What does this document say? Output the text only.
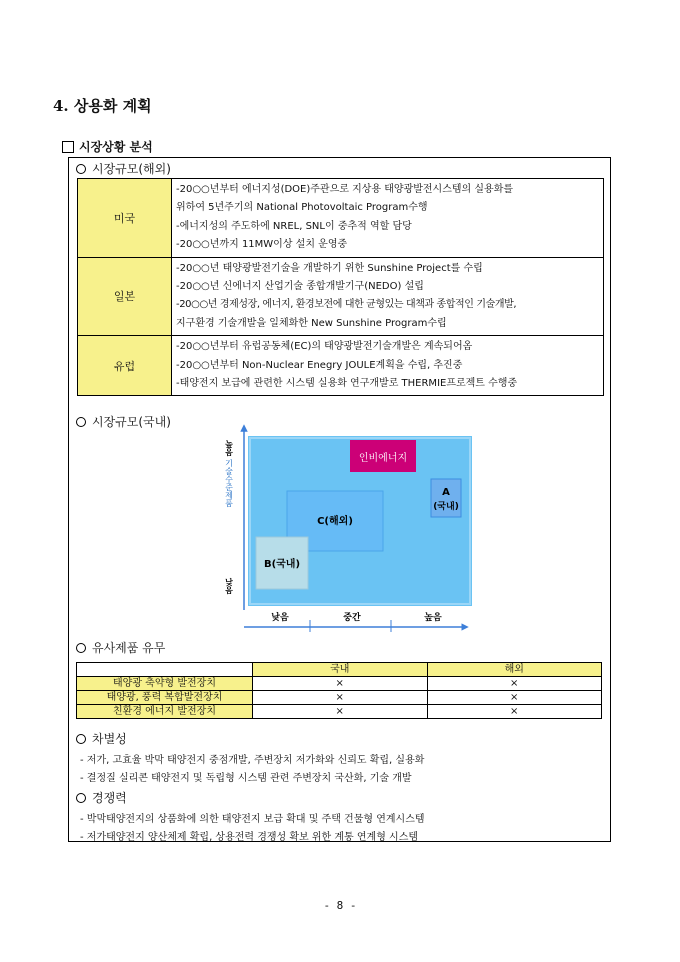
4. 상용화 계획
시장상황 분석
시장규모(해외)
미국	-20○○년부터 에너지성(DOE)주관으로 지상용 태양광발전시스템의 실용화를
위하여 5년주기의 National Photovoltaic Program수행
-에너지성의 주도하에 NREL, SNL이 중추적 역할 담당
-20○○년까지 11MW이상 설치 운영중

일본	-20○○년 태양광발전기술을 개발하기 위한 Sunshine Project를 수립
-20○○년 신에너지 산업기술 종합개발기구(NEDO) 설립
-20○○년 경제성장, 에너지, 환경보전에 대한 균형있는 대책과 종합적인 기술개발,
지구환경 기술개발을 일체화한 New Sunshine Program수립

유럽	-20○○년부터 유럽공동체(EC)의 태양광발전기술개발은 계속되어옴
-20○○년부터 Non-Nuclear Enegry JOULE계획을 수립, 추진중
-태양전지 보급에 관련한 시스템 실용화 연구개발로 THERMIE프로젝트 수행중
시장규모(국내)
인비에너지
A
(국내)
C(해외)
B(국내)
높음
낮음
낮음	중간	높음
기술수준제품
유사제품 유무
	국내	해외
태양광 축약형 발전장치	×	×
태양광, 풍력 복합발전장치	×	×
친환경 에너지 발전장치	×	×
차별성
- 저가, 고효율 박막 태양전지 중점개발, 주변장치 저가화와 신뢰도 확립, 실용화
- 결정질 실리콘 태양전지 및 독립형 시스템 관련 주변장치 국산화, 기술 개발
경쟁력
- 박막태양전지의 상품화에 의한 태양전지 보급 확대 및 주택 건물형 연계시스템
- 저가태양전지 양산체제 확립, 상용전력 경쟁성 확보 위한 계통 연계형 시스템
- 8 -
